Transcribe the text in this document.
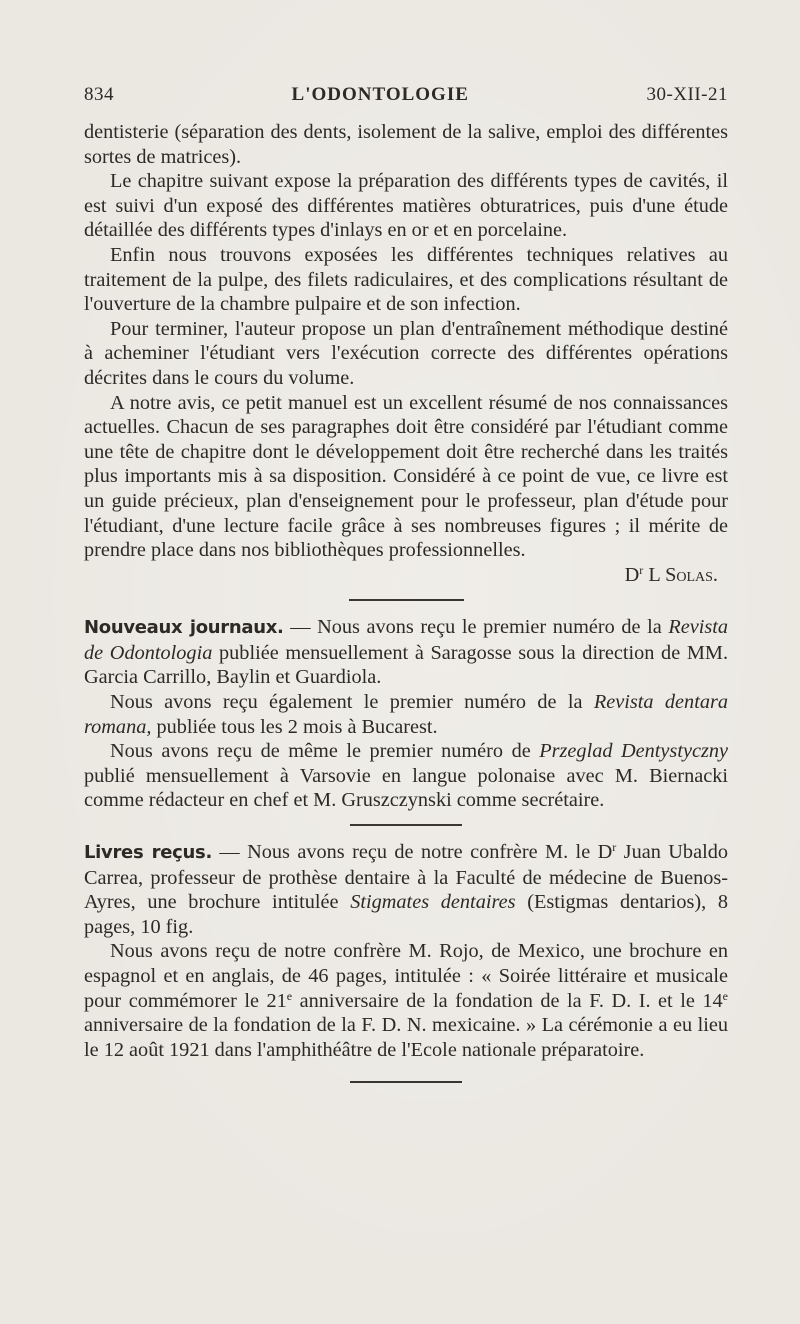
834	L'ODONTOLOGIE	30-XII-21

dentisterie (séparation des dents, isolement de la salive, emploi des différentes sortes de matrices).

Le chapitre suivant expose la préparation des différents types de cavités, il est suivi d'un exposé des différentes matières obturatrices, puis d'une étude détaillée des différents types d'inlays en or et en porcelaine.

Enfin nous trouvons exposées les différentes techniques relatives au traitement de la pulpe, des filets radiculaires, et des complications résultant de l'ouverture de la chambre pulpaire et de son infection.

Pour terminer, l'auteur propose un plan d'entraînement méthodique destiné à acheminer l'étudiant vers l'exécution correcte des différentes opérations décrites dans le cours du volume.

A notre avis, ce petit manuel est un excellent résumé de nos connaissances actuelles. Chacun de ses paragraphes doit être considéré par l'étudiant comme une tête de chapitre dont le développement doit être recherché dans les traités plus importants mis à sa disposition. Considéré à ce point de vue, ce livre est un guide précieux, plan d'enseignement pour le professeur, plan d'étude pour l'étudiant, d'une lecture facile grâce à ses nombreuses figures ; il mérite de prendre place dans nos bibliothèques professionnelles.

$D^r$ L Solas.

Nouveaux journaux. — Nous avons reçu le premier numéro de la Revista de Odontologia publiée mensuellement à Saragosse sous la direction de MM. Garcia Carrillo, Baylin et Guardiola.

Nous avons reçu également le premier numéro de la Revista dentara romana, publiée tous les 2 mois à Bucarest.

Nous avons reçu de même le premier numéro de Przeglad Dentystyczny publié mensuellement à Varsovie en langue polonaise avec M. Biernacki comme rédacteur en chef et M. Gruszczynski comme secrétaire.

Livres reçus. — Nous avons reçu de notre confrère M. le $D^r$ Juan Ubaldo Carrea, professeur de prothèse dentaire à la Faculté de médecine de Buenos-Ayres, une brochure intitulée Stigmates dentaires (Estigmas dentarios), 8 pages, 10 fig.

Nous avons reçu de notre confrère M. Rojo, de Mexico, une brochure en espagnol et en anglais, de 46 pages, intitulée : « Soirée littéraire et musicale pour commémorer le 21e anniversaire de la fondation de la F. D. I. et le 14e anniversaire de la fondation de la F. D. N. mexicaine. » La cérémonie a eu lieu le 12 août 1921 dans l'amphithéâtre de l'Ecole nationale préparatoire.
